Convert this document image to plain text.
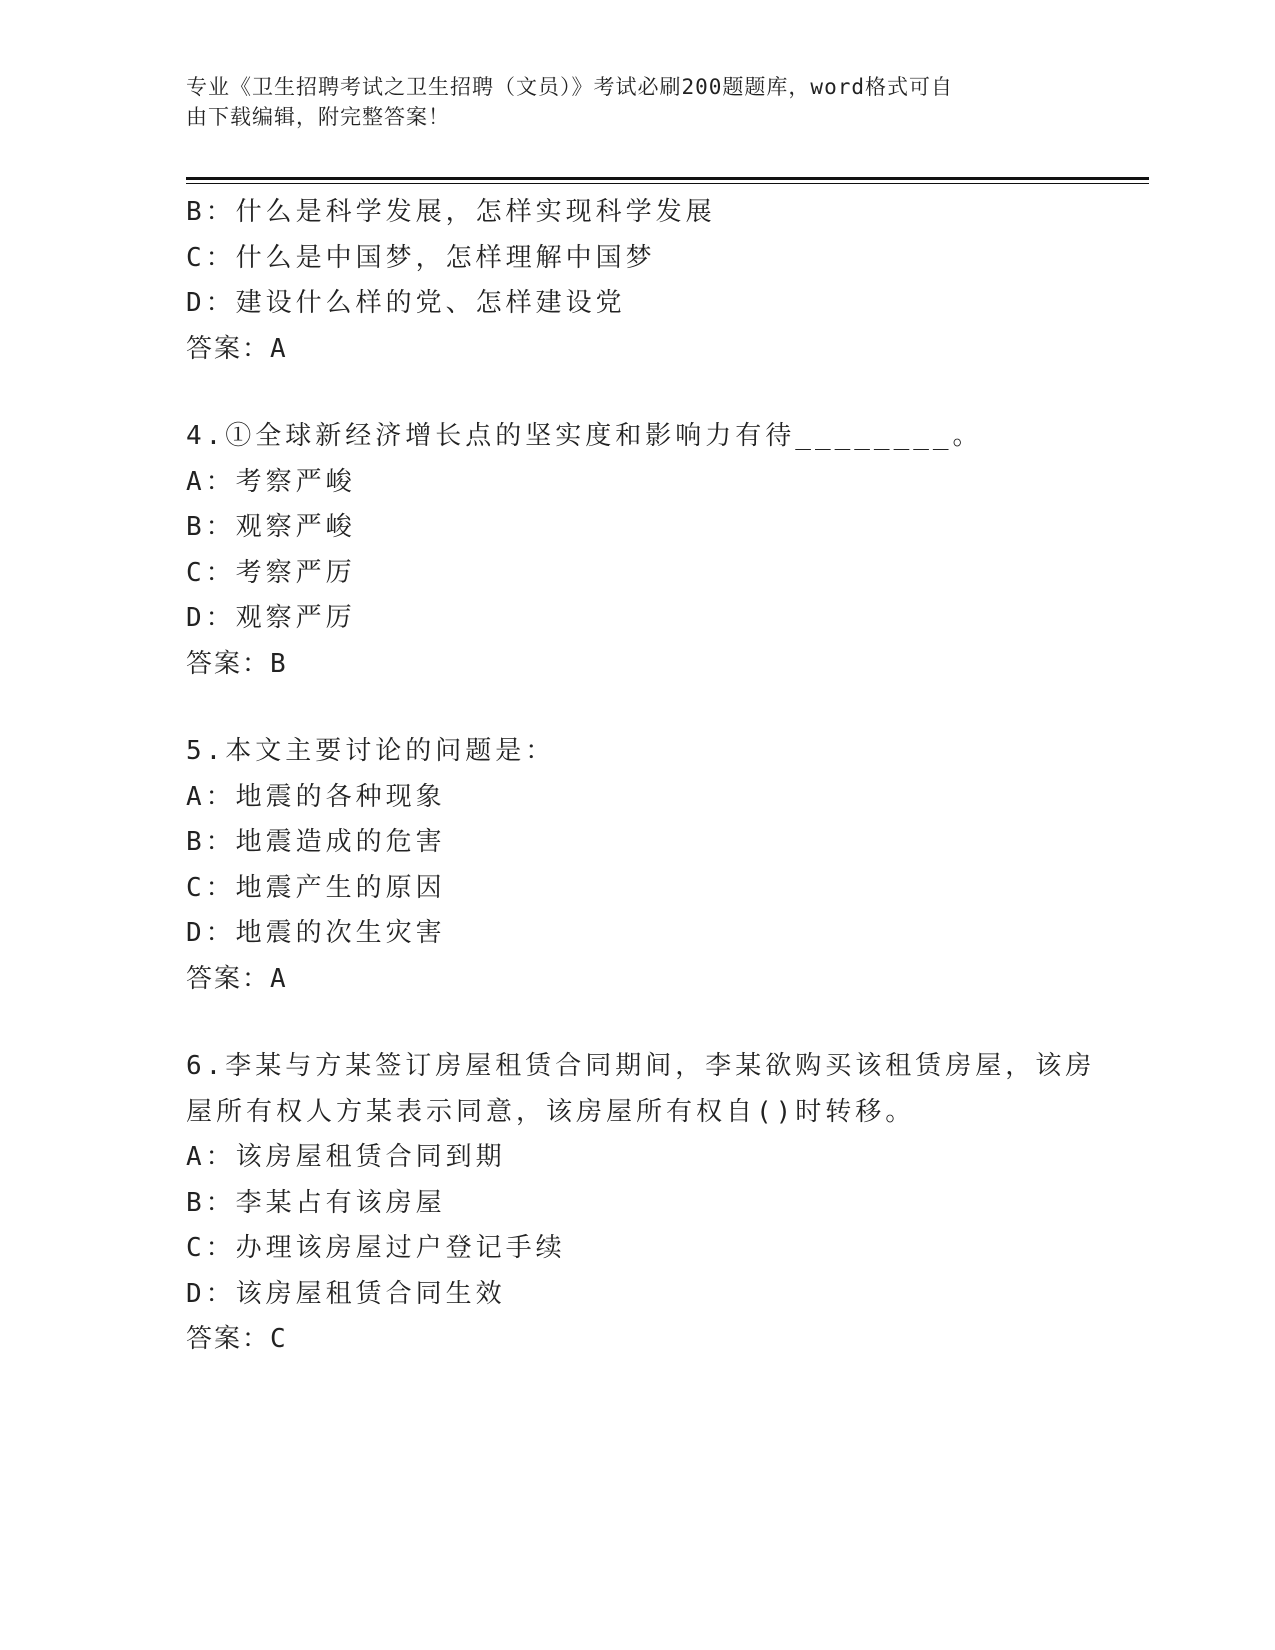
专业《卫生招聘考试之卫生招聘（文员）》考试必刷200题题库，word格式可自
由下载编辑，附完整答案！
B：什么是科学发展，怎样实现科学发展
C：什么是中国梦，怎样理解中国梦
D：建设什么样的党、怎样建设党
答案：A
4.①全球新经济增长点的坚实度和影响力有待________。
A：考察严峻
B：观察严峻
C：考察严厉
D：观察严厉
答案：B
5.本文主要讨论的问题是：
A：地震的各种现象
B：地震造成的危害
C：地震产生的原因
D：地震的次生灾害
答案：A
6.李某与方某签订房屋租赁合同期间，李某欲购买该租赁房屋，该房
屋所有权人方某表示同意，该房屋所有权自()时转移。
A：该房屋租赁合同到期
B：李某占有该房屋
C：办理该房屋过户登记手续
D：该房屋租赁合同生效
答案：C
